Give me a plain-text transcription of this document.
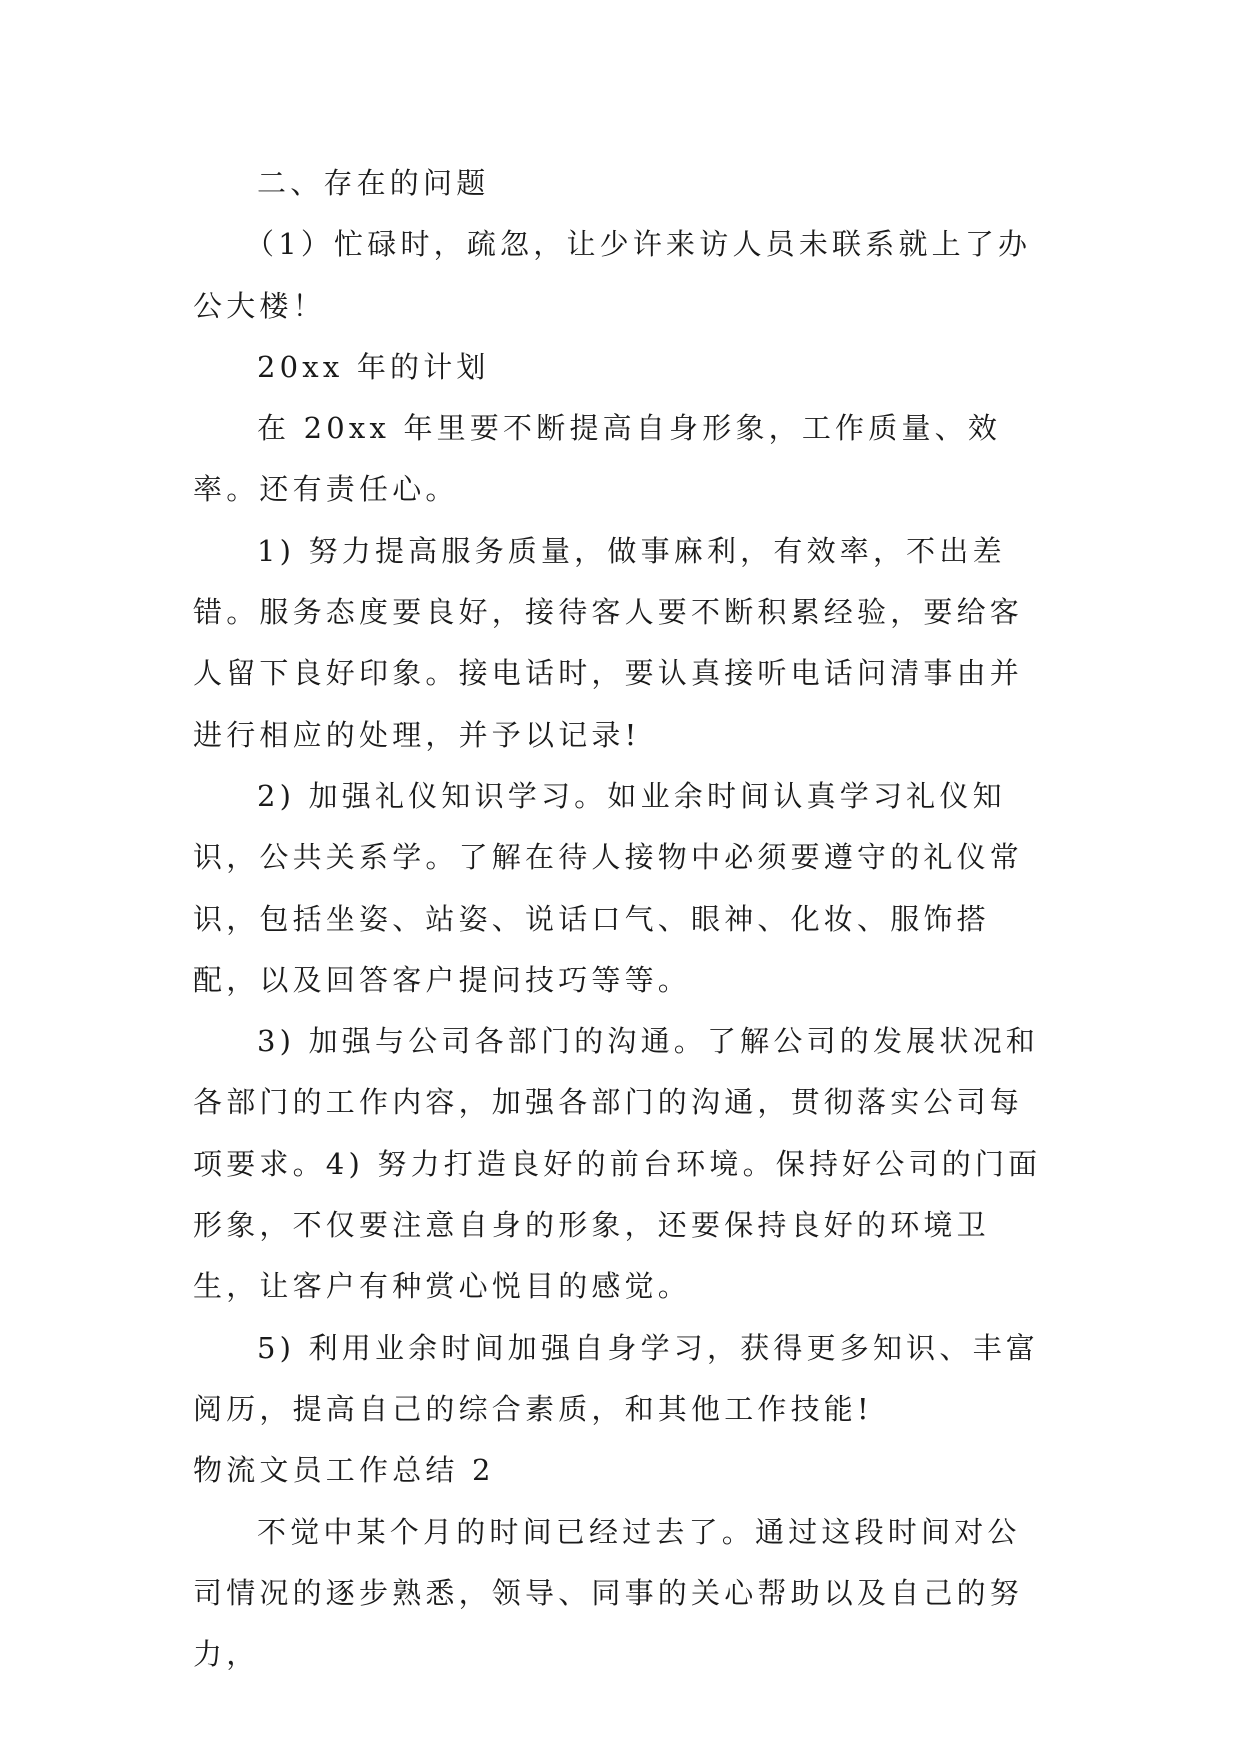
二、存在的问题

（1）忙碌时，疏忽，让少许来访人员未联系就上了办公大楼！

20xx 年的计划

在 20xx 年里要不断提高自身形象，工作质量、效率。还有责任心。

1) 努力提高服务质量，做事麻利，有效率，不出差错。服务态度要良好，接待客人要不断积累经验，要给客人留下良好印象。接电话时，要认真接听电话问清事由并进行相应的处理，并予以记录!

2) 加强礼仪知识学习。如业余时间认真学习礼仪知识，公共关系学。了解在待人接物中必须要遵守的礼仪常识，包括坐姿、站姿、说话口气、眼神、化妆、服饰搭配，以及回答客户提问技巧等等。

3) 加强与公司各部门的沟通。了解公司的发展状况和各部门的工作内容，加强各部门的沟通，贯彻落实公司每项要求。4) 努力打造良好的前台环境。保持好公司的门面形象，不仅要注意自身的形象，还要保持良好的环境卫生，让客户有种赏心悦目的感觉。

5) 利用业余时间加强自身学习，获得更多知识、丰富阅历，提高自己的综合素质，和其他工作技能!

物流文员工作总结 2

不觉中某个月的时间已经过去了。通过这段时间对公司情况的逐步熟悉，领导、同事的关心帮助以及自己的努力，
